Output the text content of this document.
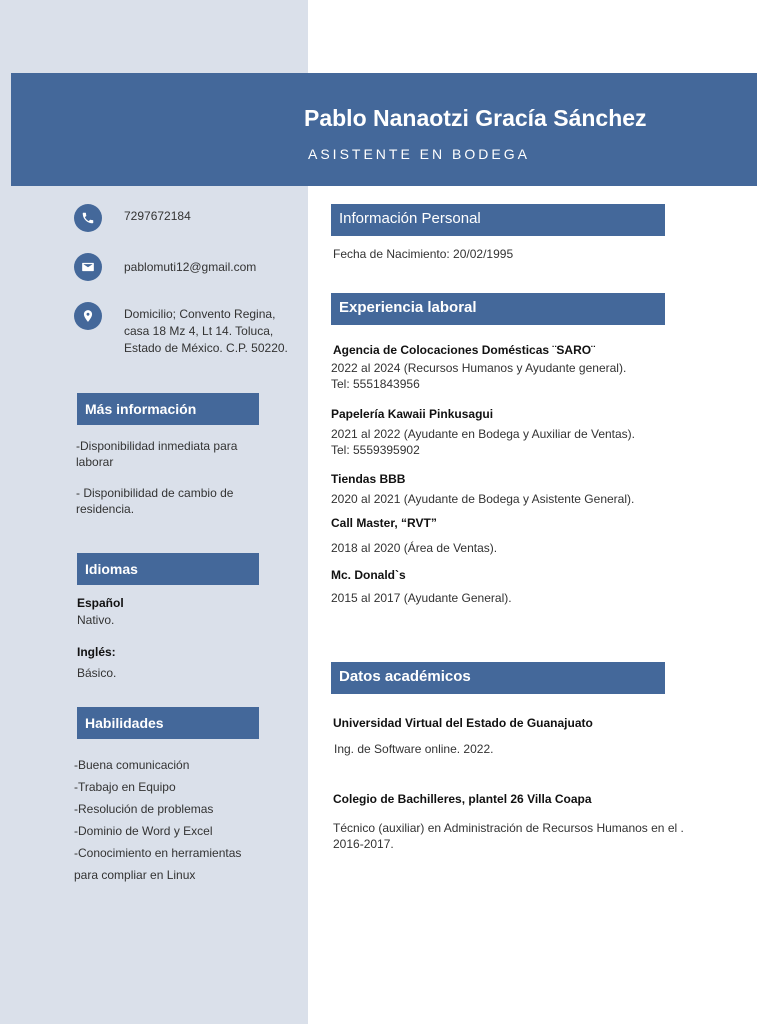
Pablo Nanaotzi Gracía Sánchez
ASISTENTE EN BODEGA
7297672184
pablomuti12@gmail.com
Domicilio; Convento Regina,
casa 18 Mz 4, Lt 14. Toluca,
Estado de México. C.P. 50220.
Más información
-Disponibilidad inmediata para
laborar
- Disponibilidad de cambio de
residencia.
Idiomas
Español
Nativo.
Inglés:
Básico.
Habilidades
-Buena comunicación
-Trabajo en Equipo
-Resolución de problemas
-Dominio de Word y Excel
-Conocimiento en herramientas
para compliar en Linux
Información Personal
Fecha de Nacimiento: 20/02/1995
Experiencia laboral
Agencia de Colocaciones Domésticas ¨SARO¨
2022 al 2024 (Recursos Humanos y Ayudante general).
Tel: 5551843956
Papelería Kawaii Pinkusagui
2021 al 2022 (Ayudante en Bodega y Auxiliar de Ventas).
Tel: 5559395902
Tiendas BBB
2020 al 2021 (Ayudante de Bodega y Asistente General).
Call Master, “RVT”
2018 al 2020 (Área de Ventas).
Mc. Donald`s
2015 al 2017 (Ayudante General).
Datos académicos
Universidad Virtual del Estado de Guanajuato
Ing. de Software online. 2022.
Colegio de Bachilleres, plantel 26 Villa Coapa
Técnico (auxiliar) en Administración de Recursos Humanos en el .
2016-2017.
